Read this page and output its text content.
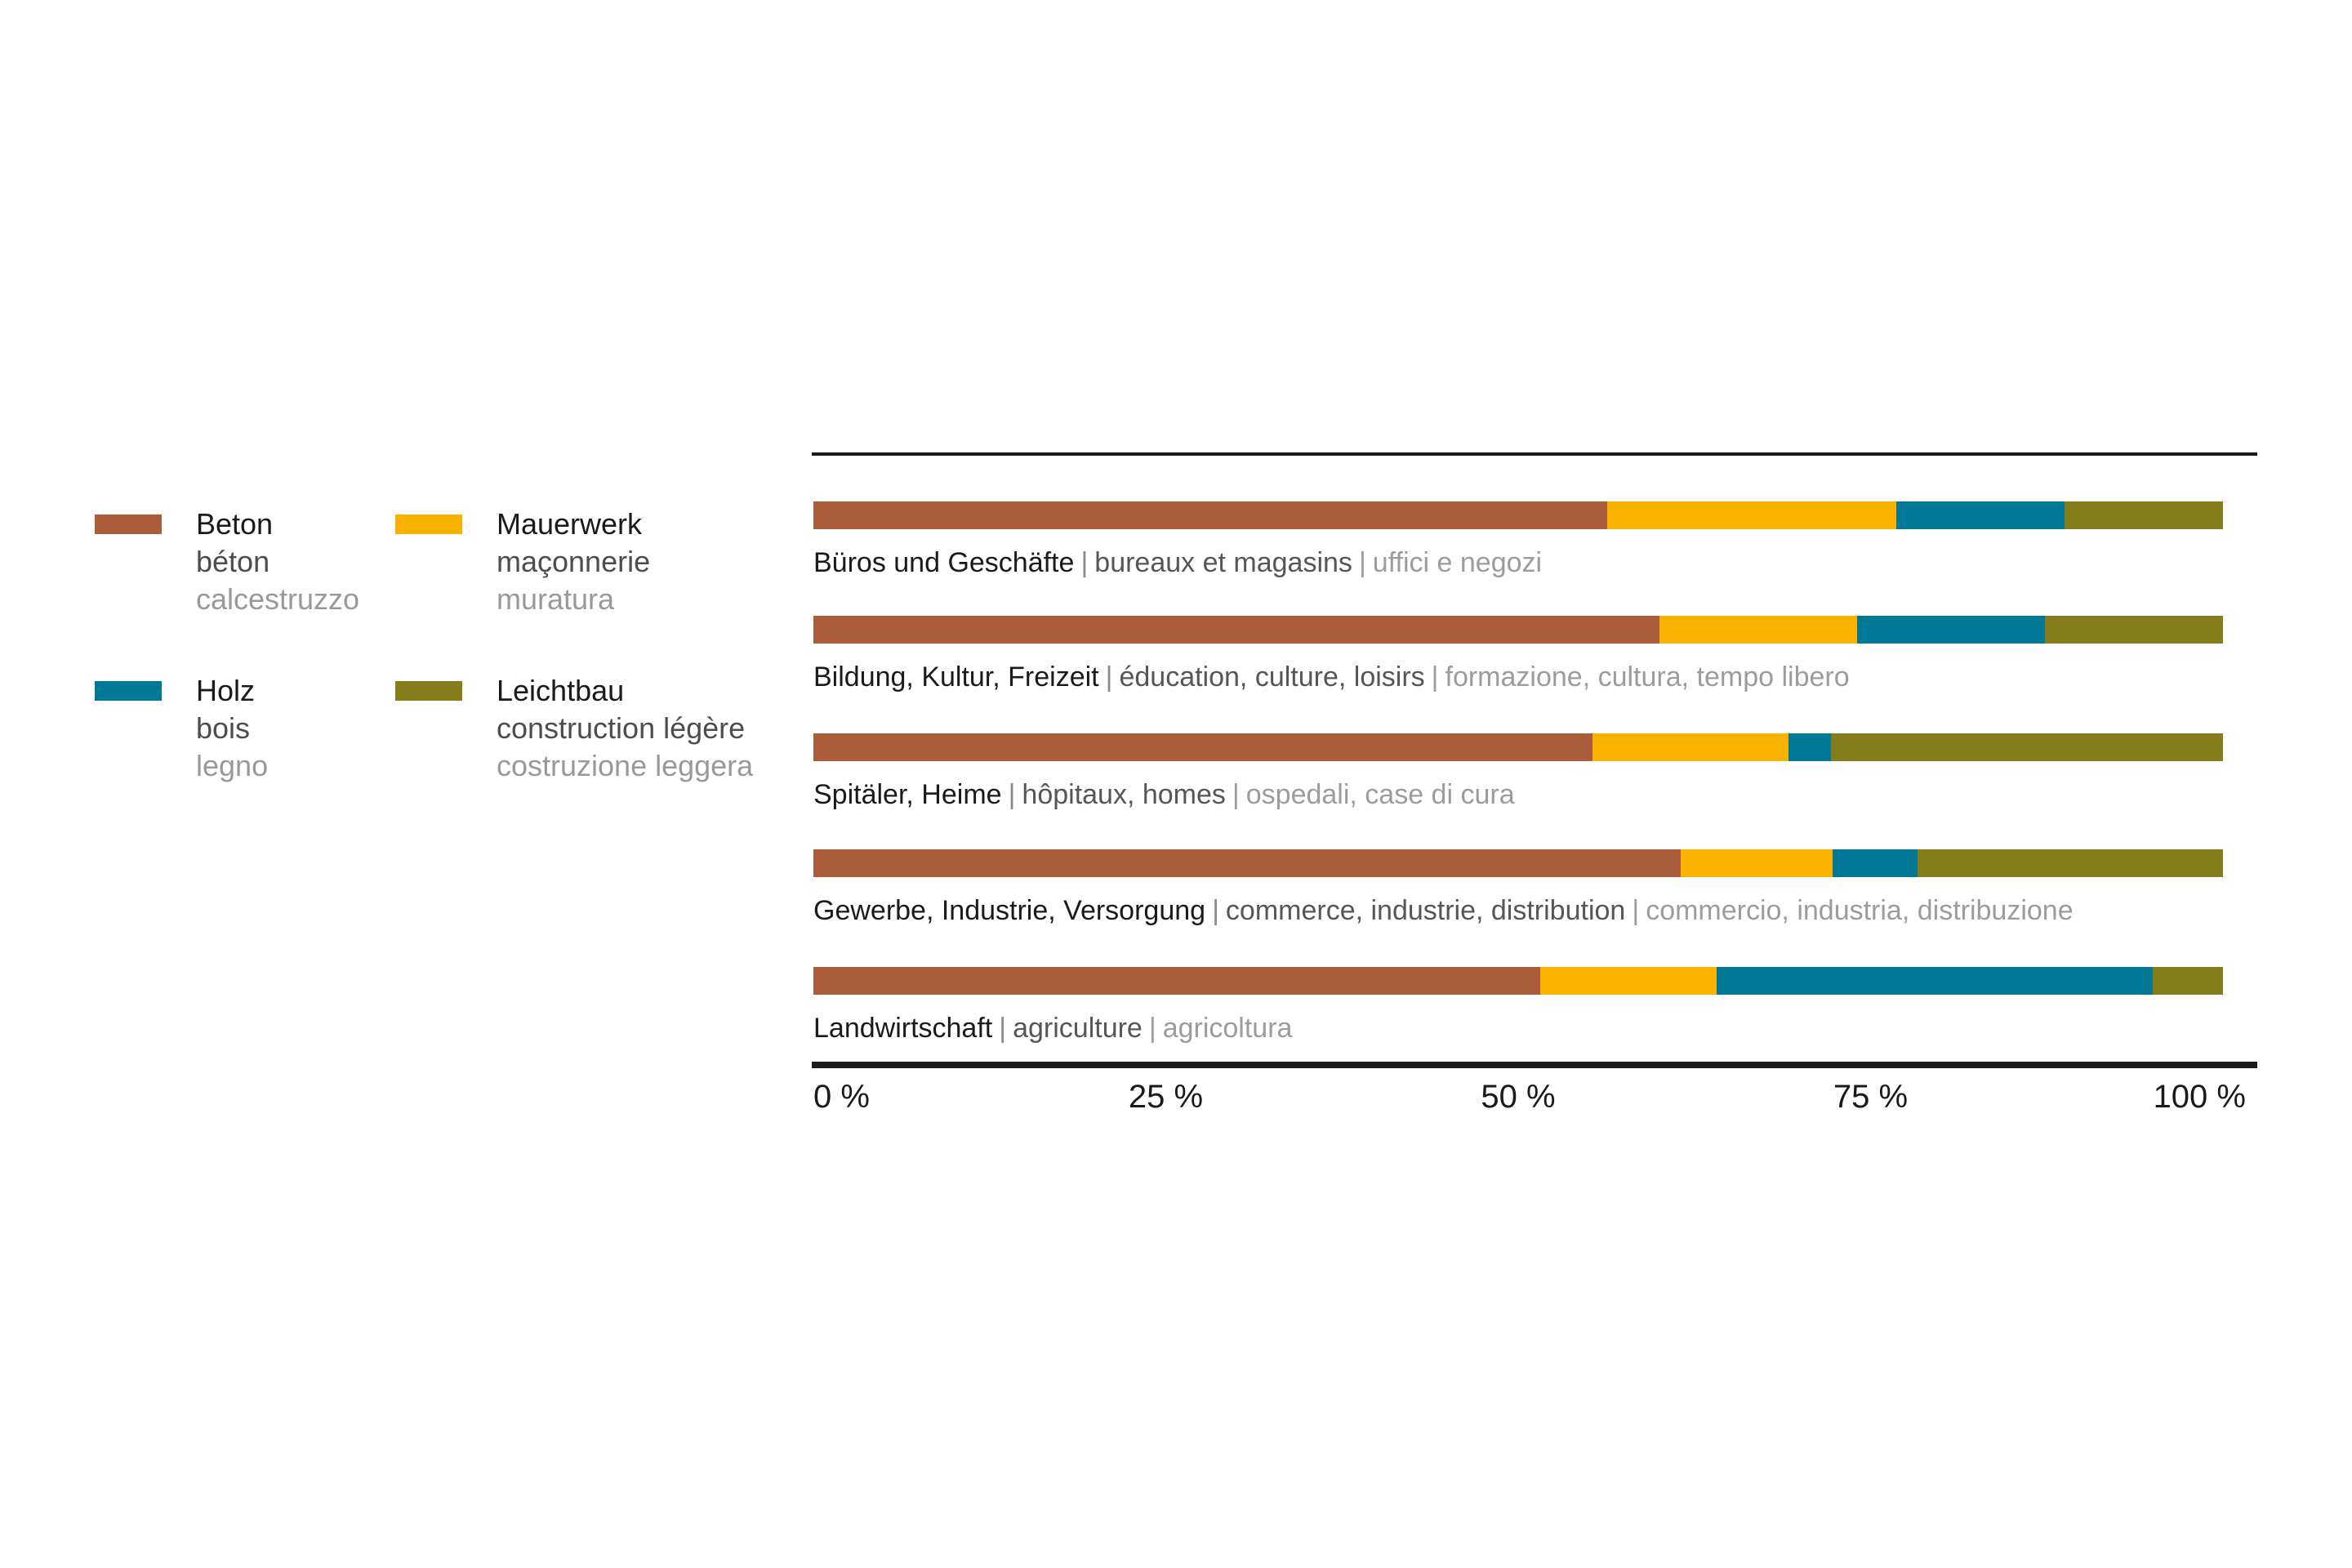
Beton
béton
calcestruzzo
Mauerwerk
maçonnerie
muratura
Holz
bois
legno
Leichtbau
construction légère
costruzione leggera
Büros und Geschäfte | bureaux et magasins | uffici e negozi
Bildung, Kultur, Freizeit | éducation, culture, loisirs | formazione, cultura, tempo libero
Spitäler, Heime | hôpitaux, homes | ospedali, case di cura
Gewerbe, Industrie, Versorgung | commerce, industrie, distribution | commercio, industria, distribuzione
Landwirtschaft | agriculture | agricoltura
0 %	25 %	50 %	75 %	100 %
